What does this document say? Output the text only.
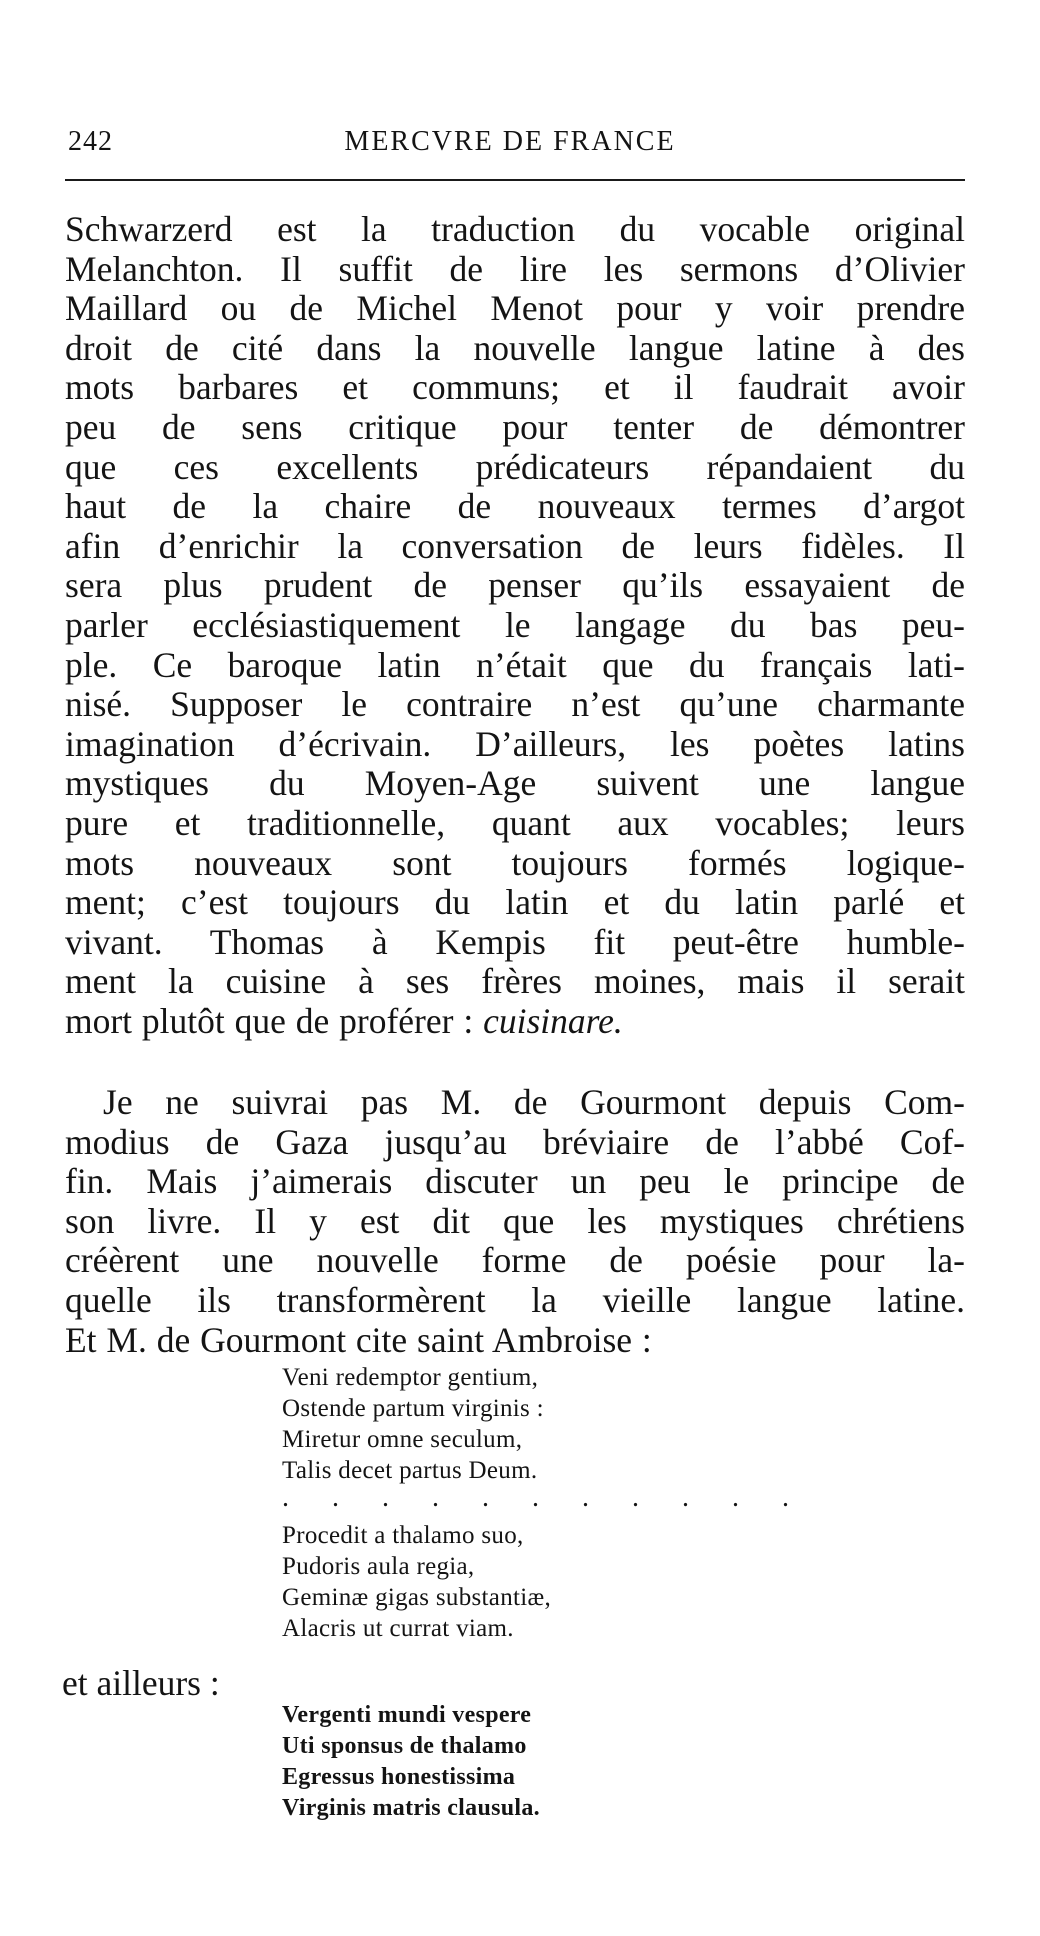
242	MERCVRE DE FRANCE
Schwarzerd est la traduction du vocable original
Melanchton. Il suffit de lire les sermons d’Olivier
Maillard ou de Michel Menot pour y voir prendre
droit de cité dans la nouvelle langue latine à des
mots barbares et communs; et il faudrait avoir
peu de sens critique pour tenter de démontrer
que ces excellents prédicateurs répandaient du
haut de la chaire de nouveaux termes d’argot
afin d’enrichir la conversation de leurs fidèles. Il
sera plus prudent de penser qu’ils essayaient de
parler ecclésiastiquement le langage du bas peu-
ple. Ce baroque latin n’était que du français lati-
nisé. Supposer le contraire n’est qu’une charmante
imagination d’écrivain. D’ailleurs, les poètes latins
mystiques du Moyen-Age suivent une langue
pure et traditionnelle, quant aux vocables; leurs
mots nouveaux sont toujours formés logique-
ment; c’est toujours du latin et du latin parlé et
vivant. Thomas à Kempis fit peut-être humble-
ment la cuisine à ses frères moines, mais il serait
mort plutôt que de proférer : cuisinare.
Je ne suivrai pas M. de Gourmont depuis Com-
modius de Gaza jusqu’au bréviaire de l’abbé Cof-
fin. Mais j’aimerais discuter un peu le principe de
son livre. Il y est dit que les mystiques chrétiens
créèrent une nouvelle forme de poésie pour la-
quelle ils transformèrent la vieille langue latine.
Et M. de Gourmont cite saint Ambroise :
Veni redemptor gentium,
Ostende partum virginis :
Miretur omne seculum,
Talis decet partus Deum.
. . . . . . . . . . .
Procedit a thalamo suo,
Pudoris aula regia,
Geminæ gigas substantiæ,
Alacris ut currat viam.
et ailleurs :
Vergenti mundi vespere
Uti sponsus de thalamo
Egressus honestissima
Virginis matris clausula.
